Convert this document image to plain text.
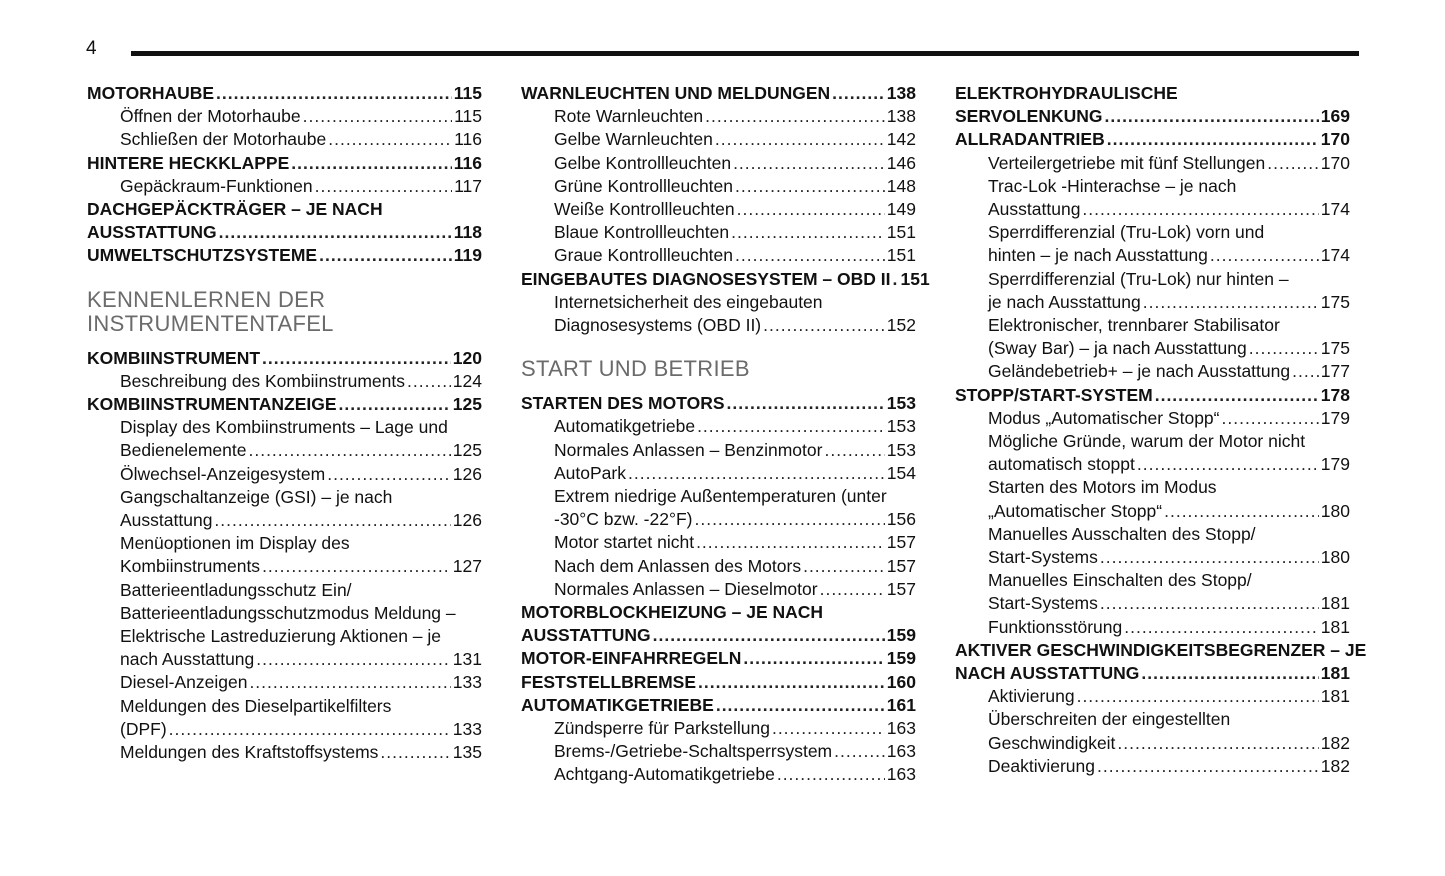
4
MOTORHAUBE .....	115
Öffnen der Motorhaube .....	115
Schließen der Motorhaube .....	116
HINTERE HECKKLAPPE .....	116
Gepäckraum-Funktionen .....	117
DACHGEPÄCKTRÄGER – JE NACH
AUSSTATTUNG .....	118
UMWELTSCHUTZSYSTEME .....	119
KENNENLERNEN DER
INSTRUMENTENTAFEL
KOMBIINSTRUMENT .....	120
Beschreibung des Kombiinstruments .....	124
KOMBIINSTRUMENTANZEIGE .....	125
Display des Kombiinstruments – Lage und
Bedienelemente .....	125
Ölwechsel-Anzeigesystem .....	126
Gangschaltanzeige (GSI) – je nach
Ausstattung .....	126
Menüoptionen im Display des
Kombiinstruments .....	127
Batterieentladungsschutz Ein/
Batterieentladungsschutzmodus Meldung –
Elektrische Lastreduzierung Aktionen – je
nach Ausstattung .....	131
Diesel-Anzeigen .....	133
Meldungen des Dieselpartikelfilters
(DPF) .....	133
Meldungen des Kraftstoffsystems .....	135
WARNLEUCHTEN UND MELDUNGEN .....	138
Rote Warnleuchten .....	138
Gelbe Warnleuchten .....	142
Gelbe Kontrollleuchten .....	146
Grüne Kontrollleuchten .....	148
Weiße Kontrollleuchten .....	149
Blaue Kontrollleuchten .....	151
Graue Kontrollleuchten .....	151
EINGEBAUTES DIAGNOSESYSTEM – OBD II ..... 151
Internetsicherheit des eingebauten
Diagnosesystems (OBD II) .....	152
START UND BETRIEB
STARTEN DES MOTORS .....	153
Automatikgetriebe .....	153
Normales Anlassen – Benzinmotor .....	153
AutoPark .....	154
Extrem niedrige Außentemperaturen (unter
-30°C bzw. -22°F) .....	156
Motor startet nicht .....	157
Nach dem Anlassen des Motors .....	157
Normales Anlassen – Dieselmotor .....	157
MOTORBLOCKHEIZUNG – JE NACH
AUSSTATTUNG .....	159
MOTOR-EINFAHRREGELN .....	159
FESTSTELLBREMSE .....	160
AUTOMATIKGETRIEBE .....	161
Zündsperre für Parkstellung .....	163
Brems-/Getriebe-Schaltsperrsystem .....	163
Achtgang-Automatikgetriebe .....	163
ELEKTROHYDRAULISCHE
SERVOLENKUNG .....	169
ALLRADANTRIEB .....	170
Verteilergetriebe mit fünf Stellungen .....	170
Trac-Lok -Hinterachse – je nach
Ausstattung .....	174
Sperrdifferenzial (Tru-Lok) vorn und
hinten – je nach Ausstattung .....	174
Sperrdifferenzial (Tru-Lok) nur hinten –
je nach Ausstattung .....	175
Elektronischer, trennbarer Stabilisator
(Sway Bar) – ja nach Ausstattung .....	175
Geländebetrieb+ – je nach Ausstattung ..... 177
STOPP/START-SYSTEM .....	178
Modus „Automatischer Stopp“ .....	179
Mögliche Gründe, warum der Motor nicht
automatisch stoppt .....	179
Starten des Motors im Modus
„Automatischer Stopp“ .....	180
Manuelles Ausschalten des Stopp/
Start-Systems .....	180
Manuelles Einschalten des Stopp/
Start-Systems .....	181
Funktionsstörung .....	181
AKTIVER GESCHWINDIGKEITSBEGRENZER – JE
NACH AUSSTATTUNG .....	181
Aktivierung .....	181
Überschreiten der eingestellten
Geschwindigkeit .....	182
Deaktivierung .....	182
